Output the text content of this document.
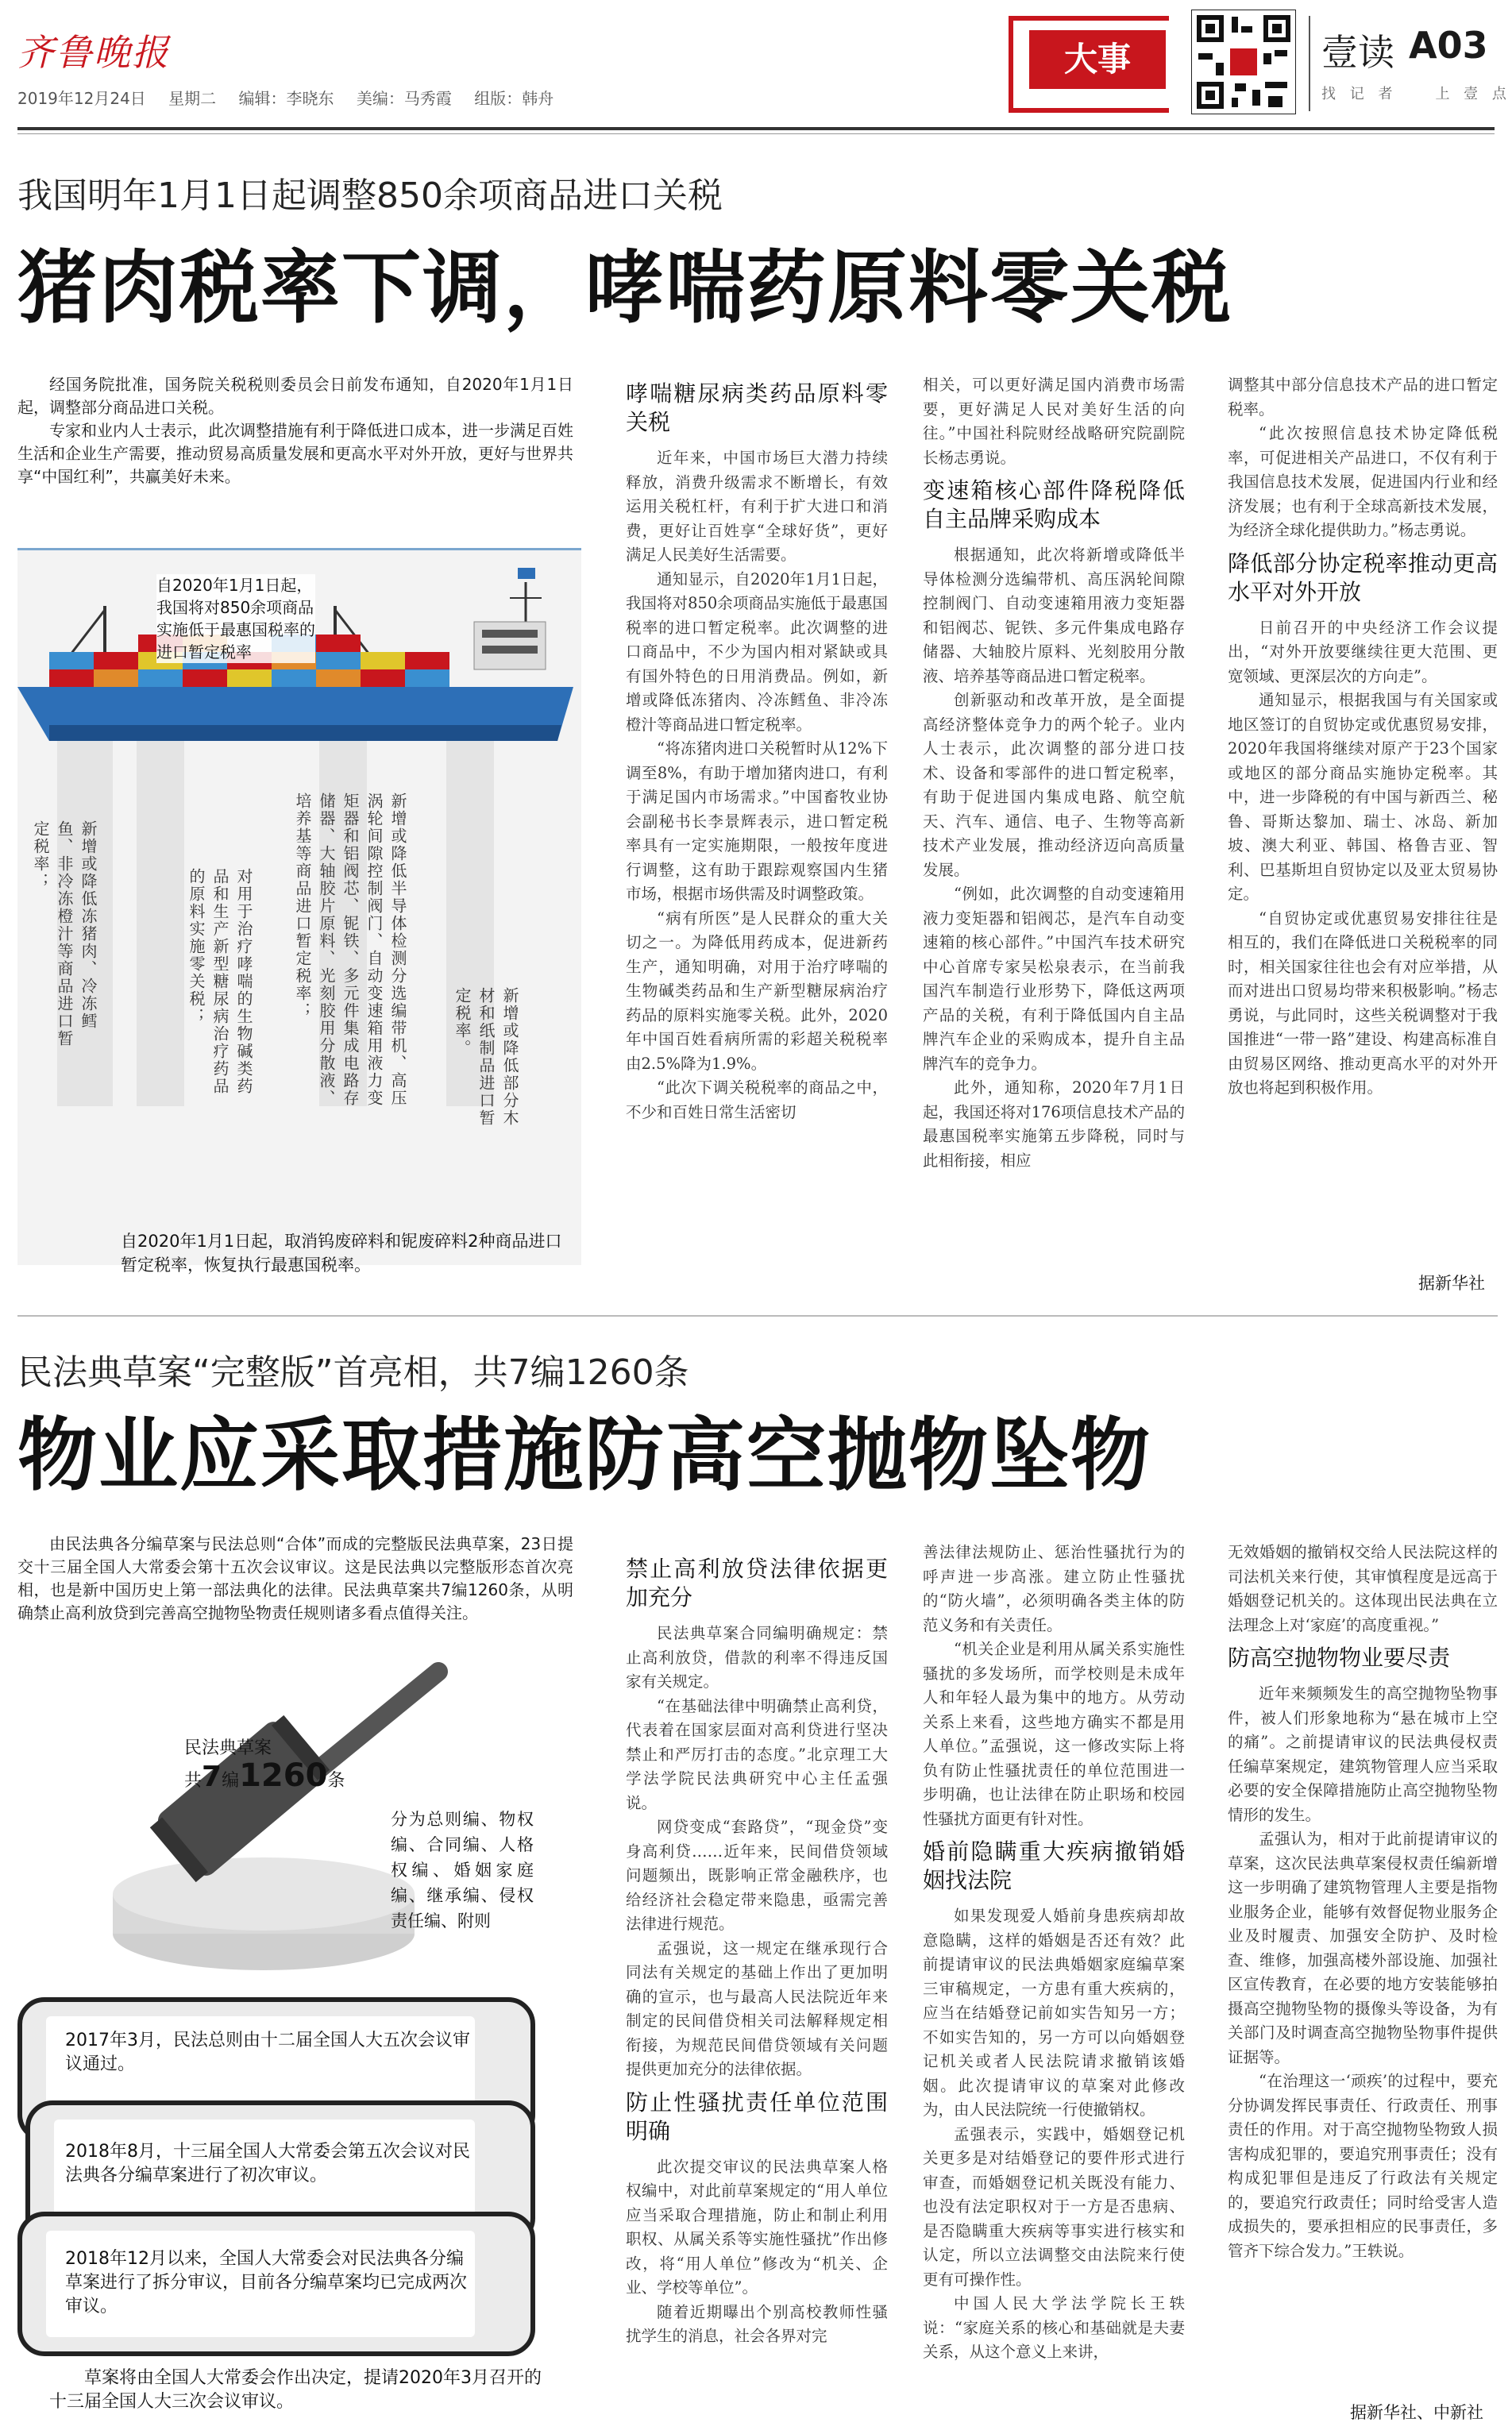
齐鲁晚报
2019年12月24日 星期二 编辑：李晓东 美编：马秀霞 组版：韩舟
大事	壹读 A03
找 记 者　　上 壹 点
我国明年1月1日起调整850余项商品进口关税
猪肉税率下调，哮喘药原料零关税

经国务院批准，国务院关税税则委员会日前发布通知，自2020年1月1日起，调整部分商品进口关税。

专家和业内人士表示，此次调整措施有利于降低进口成本，进一步满足百姓生活和企业生产需要，推动贸易高质量发展和更高水平对外开放，更好与世界共享“中国红利”，共赢美好未来。

自2020年1月1日起，我国将对850余项商品实施低于最惠国税率的进口暂定税率
新增或降低冻猪肉、冷冻鳕鱼、非冷冻橙汁等商品进口暂定税率；
对用于治疗哮喘的生物碱类药品和生产新型糖尿病治疗药品的原料实施零关税；	新增或降低半导体检测分选编带机、高压涡轮间隙控制阀门、自动变速箱用液力变矩器和铝阀芯、铌铁、多元件集成电路存储器、大轴胶片原料、光刻胶用分散液、培养基等商品进口暂定税率；
新增或降低部分木材和纸制品进口暂定税率。
自2020年1月1日起，取消钨废碎料和铌废碎料2种商品进口暂定税率，恢复执行最惠国税率。

哮喘糖尿病类药品原料零关税

近年来，中国市场巨大潜力持续释放，消费升级需求不断增长，有效运用关税杠杆，有利于扩大进口和消费，更好让百姓享“全球好货”，更好满足人民美好生活需要。

通知显示，自2020年1月1日起，我国将对850余项商品实施低于最惠国税率的进口暂定税率。此次调整的进口商品中，不少为国内相对紧缺或具有国外特色的日用消费品。例如，新增或降低冻猪肉、冷冻鳕鱼、非冷冻橙汁等商品进口暂定税率。

“将冻猪肉进口关税暂时从12%下调至8%，有助于增加猪肉进口，有利于满足国内市场需求。”中国畜牧业协会副秘书长李景辉表示，进口暂定税率具有一定实施期限，一般按年度进行调整，这有助于跟踪观察国内生猪市场，根据市场供需及时调整政策。

“病有所医”是人民群众的重大关切之一。为降低用药成本，促进新药生产，通知明确，对用于治疗哮喘的生物碱类药品和生产新型糖尿病治疗药品的原料实施零关税。此外，2020年中国百姓看病所需的彩超关税税率由2.5%降为1.9%。

“此次下调关税税率的商品之中，不少和百姓日常生活密切

相关，可以更好满足国内消费市场需要，更好满足人民对美好生活的向往。”中国社科院财经战略研究院副院长杨志勇说。

变速箱核心部件降税降低自主品牌采购成本

根据通知，此次将新增或降低半导体检测分选编带机、高压涡轮间隙控制阀门、自动变速箱用液力变矩器和铝阀芯、铌铁、多元件集成电路存储器、大轴胶片原料、光刻胶用分散液、培养基等商品进口暂定税率。

创新驱动和改革开放，是全面提高经济整体竞争力的两个轮子。业内人士表示，此次调整的部分进口技术、设备和零部件的进口暂定税率，有助于促进国内集成电路、航空航天、汽车、通信、电子、生物等高新技术产业发展，推动经济迈向高质量发展。

“例如，此次调整的自动变速箱用液力变矩器和铝阀芯，是汽车自动变速箱的核心部件。”中国汽车技术研究中心首席专家吴松泉表示，在当前我国汽车制造行业形势下，降低这两项产品的关税，有利于降低国内自主品牌汽车企业的采购成本，提升自主品牌汽车的竞争力。

此外，通知称，2020年7月1日起，我国还将对176项信息技术产品的最惠国税率实施第五步降税，同时与此相衔接，相应

调整其中部分信息技术产品的进口暂定税率。

“此次按照信息技术协定降低税率，可促进相关产品进口，不仅有利于我国信息技术发展，促进国内行业和经济发展；也有利于全球高新技术发展，为经济全球化提供助力。”杨志勇说。

降低部分协定税率推动更高水平对外开放

日前召开的中央经济工作会议提出，“对外开放要继续往更大范围、更宽领域、更深层次的方向走”。

通知显示，根据我国与有关国家或地区签订的自贸协定或优惠贸易安排，2020年我国将继续对原产于23个国家或地区的部分商品实施协定税率。其中，进一步降税的有中国与新西兰、秘鲁、哥斯达黎加、瑞士、冰岛、新加坡、澳大利亚、韩国、格鲁吉亚、智利、巴基斯坦自贸协定以及亚太贸易协定。

“自贸协定或优惠贸易安排往往是相互的，我们在降低进口关税税率的同时，相关国家往往也会有对应举措，从而对进出口贸易均带来积极影响。”杨志勇说，与此同时，这些关税调整对于我国推进“一带一路”建设、构建高标准自由贸易区网络、推动更高水平的对外开放也将起到积极作用。

据新华社
民法典草案“完整版”首亮相，共7编1260条
物业应采取措施防高空抛物坠物
由民法典各分编草案与民法总则“合体”而成的完整版民法典草案，23日提交十三届全国人大常委会第十五次会议审议。这是民法典以完整版形态首次亮相，也是新中国历史上第一部法典化的法律。民法典草案共7编1260条，从明确禁止高利放贷到完善高空抛物坠物责任规则诸多看点值得关注。
民法典草案
共7编1260条
分为总则编、物权编、合同编、人格权编、婚姻家庭编、继承编、侵权责任编、附则
2017年3月，民法总则由十二届全国人大五次会议审议通过。
2018年8月，十三届全国人大常委会第五次会议对民法典各分编草案进行了初次审议。
2018年12月以来，全国人大常委会对民法典各分编草案进行了拆分审议，目前各分编草案均已完成两次审议。
草案将由全国人大常委会作出决定，提请2020年3月召开的十三届全国人大三次会议审议。

禁止高利放贷法律依据更加充分

民法典草案合同编明确规定：禁止高利放贷，借款的利率不得违反国家有关规定。

“在基础法律中明确禁止高利贷，代表着在国家层面对高利贷进行坚决禁止和严厉打击的态度。”北京理工大学法学院民法典研究中心主任孟强说。

网贷变成“套路贷”，“现金贷”变身高利贷……近年来，民间借贷领域问题频出，既影响正常金融秩序，也给经济社会稳定带来隐患，亟需完善法律进行规范。

孟强说，这一规定在继承现行合同法有关规定的基础上作出了更加明确的宣示，也与最高人民法院近年来制定的民间借贷相关司法解释规定相衔接，为规范民间借贷领域有关问题提供更加充分的法律依据。

防止性骚扰责任单位范围明确

此次提交审议的民法典草案人格权编中，对此前草案规定的“用人单位应当采取合理措施，防止和制止利用职权、从属关系等实施性骚扰”作出修改，将“用人单位”修改为“机关、企业、学校等单位”。

随着近期曝出个别高校教师性骚扰学生的消息，社会各界对完

善法律法规防止、惩治性骚扰行为的呼声进一步高涨。建立防止性骚扰的“防火墙”，必须明确各类主体的防范义务和有关责任。

“机关企业是利用从属关系实施性骚扰的多发场所，而学校则是未成年人和年轻人最为集中的地方。从劳动关系上来看，这些地方确实不都是用人单位。”孟强说，这一修改实际上将负有防止性骚扰责任的单位范围进一步明确，也让法律在防止职场和校园性骚扰方面更有针对性。

婚前隐瞒重大疾病撤销婚姻找法院

如果发现爱人婚前身患疾病却故意隐瞒，这样的婚姻是否还有效？此前提请审议的民法典婚姻家庭编草案三审稿规定，一方患有重大疾病的，应当在结婚登记前如实告知另一方；不如实告知的，另一方可以向婚姻登记机关或者人民法院请求撤销该婚姻。此次提请审议的草案对此修改为，由人民法院统一行使撤销权。

孟强表示，实践中，婚姻登记机关更多是对结婚登记的要件形式进行审查，而婚姻登记机关既没有能力、也没有法定职权对于一方是否患病、是否隐瞒重大疾病等事实进行核实和认定，所以立法调整交由法院来行使更有可操作性。

中国人民大学法学院长王轶说：“家庭关系的核心和基础就是夫妻关系，从这个意义上来讲，

无效婚姻的撤销权交给人民法院这样的司法机关来行使，其审慎程度是远高于婚姻登记机关的。这体现出民法典在立法理念上对‘家庭’的高度重视。”

防高空抛物物业要尽责

近年来频频发生的高空抛物坠物事件，被人们形象地称为“悬在城市上空的痛”。之前提请审议的民法典侵权责任编草案规定，建筑物管理人应当采取必要的安全保障措施防止高空抛物坠物情形的发生。

孟强认为，相对于此前提请审议的草案，这次民法典草案侵权责任编新增这一步明确了建筑物管理人主要是指物业服务企业，能够有效督促物业服务企业及时履责、加强安全防护、及时检查、维修，加强高楼外部设施、加强社区宣传教育，在必要的地方安装能够拍摄高空抛物坠物的摄像头等设备，为有关部门及时调查高空抛物坠物事件提供证据等。

“在治理这一‘顽疾’的过程中，要充分协调发挥民事责任、行政责任、刑事责任的作用。对于高空抛物坠物致人损害构成犯罪的，要追究刑事责任；没有构成犯罪但是违反了行政法有关规定的，要追究行政责任；同时给受害人造成损失的，要承担相应的民事责任，多管齐下综合发力。”王轶说。

据新华社、中新社
